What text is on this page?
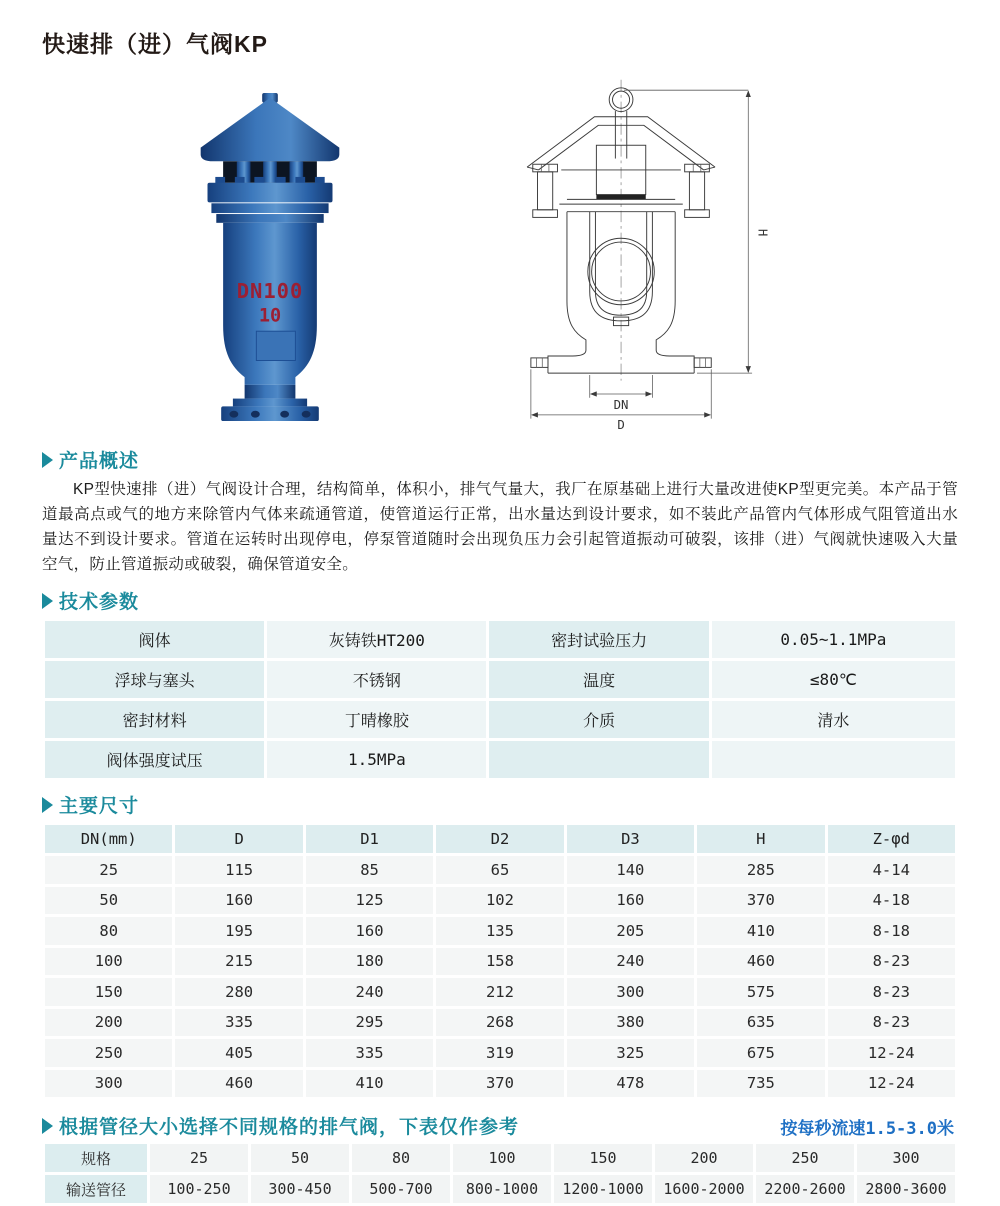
快速排（进）气阀KP
DN100
10
H
DN
D
产品概述

KP型快速排（进）气阀设计合理，结构简单，体积小，排气气量大，我厂在原基础上进行大量改进使KP型更完美。本产品于管道最高点或气的地方来除管内气体来疏通管道，使管道运行正常，出水量达到设计要求，如不装此产品管内气体形成气阻管道出水量达不到设计要求。管道在运转时出现停电，停泵管道随时会出现负压力会引起管道振动可破裂，该排（进）气阀就快速吸入大量空气，防止管道振动或破裂，确保管道安全。

技术参数
阀体	灰铸铁HT200	密封试验压力	0.05~1.1MPa
浮球与塞头	不锈钢	温度	≤80℃
密封材料	丁晴橡胶	介质	清水
阀体强度试压	1.5MPa		
主要尺寸
DN(mm)	D	D1	D2	D3	H	Z-φd
25	115	85	65	140	285	4-14
50	160	125	102	160	370	4-18
80	195	160	135	205	410	8-18
100	215	180	158	240	460	8-23
150	280	240	212	300	575	8-23
200	335	295	268	380	635	8-23
250	405	335	319	325	675	12-24
300	460	410	370	478	735	12-24
根据管径大小选择不同规格的排气阀，下表仅作参考	按每秒流速1.5-3.0米
规格	25	50	80	100	150	200	250	300
输送管径	100-250	300-450	500-700	800-1000	1200-1000	1600-2000	2200-2600	2800-3600
